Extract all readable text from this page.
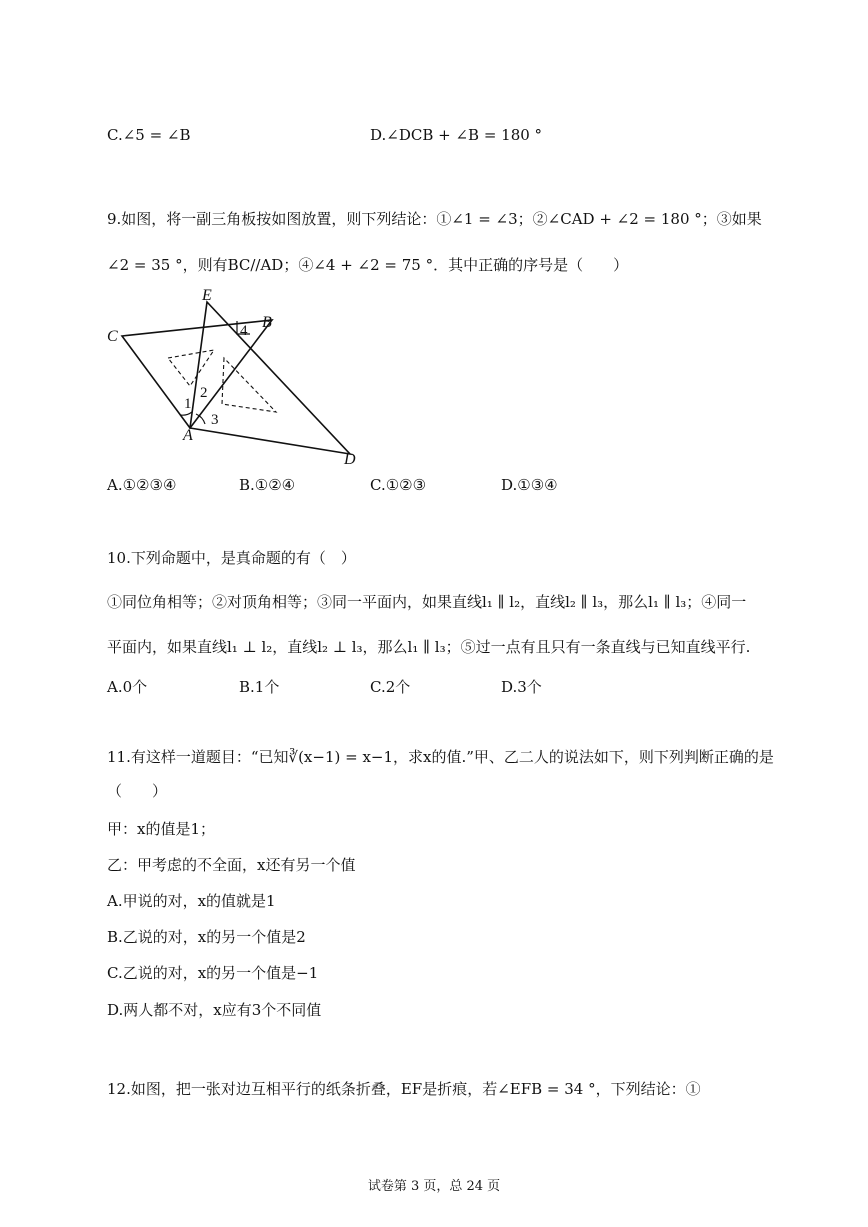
C.∠5 = ∠B	D.∠DCB + ∠B = 180 °
9.如图，将一副三角板按如图放置，则下列结论：①∠1 = ∠3；②∠CAD + ∠2 = 180 °；③如果
∠2 = 35 °，则有BC//AD；④∠4 + ∠2 = 75 °．其中正确的序号是（　　）
E
B
C
A
D
1
2
3
4
A.①②③④	B.①②④	C.①②③	D.①③④
10.下列命题中，是真命题的有（　）
①同位角相等；②对顶角相等；③同一平面内，如果直线l₁ ∥ l₂，直线l₂ ∥ l₃，那么l₁ ∥ l₃；④同一
平面内，如果直线l₁ ⊥ l₂，直线l₂ ⊥ l₃，那么l₁ ∥ l₃；⑤过一点有且只有一条直线与已知直线平行.
A.0个	B.1个	C.2个	D.3个
11.有这样一道题目：“已知∛(x−1) = x−1，求x的值.”甲、乙二人的说法如下，则下列判断正确的是
（　　）
甲：x的值是1；
乙：甲考虑的不全面，x还有另一个值
A.甲说的对，x的值就是1
B.乙说的对，x的另一个值是2
C.乙说的对，x的另一个值是−1
D.两人都不对，x应有3个不同值
12.如图，把一张对边互相平行的纸条折叠，EF是折痕，若∠EFB = 34 °，下列结论：①
试卷第 3 页，总 24 页
